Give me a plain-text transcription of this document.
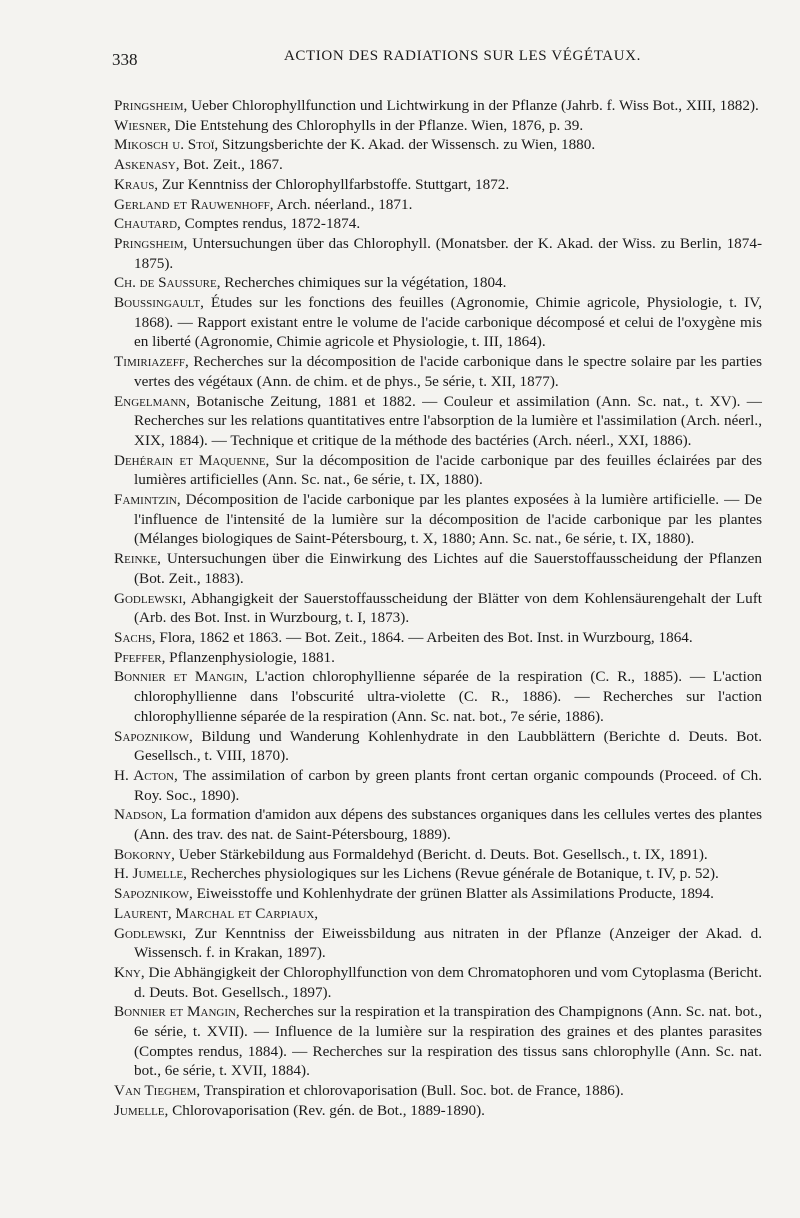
338	ACTION DES RADIATIONS SUR LES VÉGÉTAUX.

Pringsheim, Ueber Chlorophyllfunction und Lichtwirkung in der Pflanze (Jahrb. f. Wiss Bot., XIII, 1882).

Wiesner, Die Entstehung des Chlorophylls in der Pflanze. Wien, 1876, p. 39.

Mikosch u. Stoï, Sitzungsberichte der K. Akad. der Wissensch. zu Wien, 1880.

Askenasy, Bot. Zeit., 1867.

Kraus, Zur Kenntniss der Chlorophyllfarbstoffe. Stuttgart, 1872.

Gerland et Rauwenhoff, Arch. néerland., 1871.

Chautard, Comptes rendus, 1872-1874.

Pringsheim, Untersuchungen über das Chlorophyll. (Monatsber. der K. Akad. der Wiss. zu Berlin, 1874-1875).

Ch. de Saussure, Recherches chimiques sur la végétation, 1804.

Boussingault, Études sur les fonctions des feuilles (Agronomie, Chimie agricole, Physiologie, t. IV, 1868). — Rapport existant entre le volume de l'acide carbonique décomposé et celui de l'oxygène mis en liberté (Agronomie, Chimie agricole et Physiologie, t. III, 1864).

Timiriazeff, Recherches sur la décomposition de l'acide carbonique dans le spectre solaire par les parties vertes des végétaux (Ann. de chim. et de phys., 5e série, t. XII, 1877).

Engelmann, Botanische Zeitung, 1881 et 1882. — Couleur et assimilation (Ann. Sc. nat., t. XV). — Recherches sur les relations quantitatives entre l'absorption de la lumière et l'assimilation (Arch. néerl., XIX, 1884). — Technique et critique de la méthode des bactéries (Arch. néerl., XXI, 1886).

Dehérain et Maquenne, Sur la décomposition de l'acide carbonique par des feuilles éclairées par des lumières artificielles (Ann. Sc. nat., 6e série, t. IX, 1880).

Famintzin, Décomposition de l'acide carbonique par les plantes exposées à la lumière artificielle. — De l'influence de l'intensité de la lumière sur la décomposition de l'acide carbonique par les plantes (Mélanges biologiques de Saint-Pétersbourg, t. X, 1880; Ann. Sc. nat., 6e série, t. IX, 1880).

Reinke, Untersuchungen über die Einwirkung des Lichtes auf die Sauerstoffausscheidung der Pflanzen (Bot. Zeit., 1883).

Godlewski, Abhangigkeit der Sauerstoffausscheidung der Blätter von dem Kohlensäurengehalt der Luft (Arb. des Bot. Inst. in Wurzbourg, t. I, 1873).

Sachs, Flora, 1862 et 1863. — Bot. Zeit., 1864. — Arbeiten des Bot. Inst. in Wurzbourg, 1864.

Pfeffer, Pflanzenphysiologie, 1881.

Bonnier et Mangin, L'action chlorophyllienne séparée de la respiration (C. R., 1885). — L'action chlorophyllienne dans l'obscurité ultra-violette (C. R., 1886). — Recherches sur l'action chlorophyllienne séparée de la respiration (Ann. Sc. nat. bot., 7e série, 1886).

Sapoznikow, Bildung und Wanderung Kohlenhydrate in den Laubblättern (Berichte d. Deuts. Bot. Gesellsch., t. VIII, 1870).

H. Acton, The assimilation of carbon by green plants front certan organic compounds (Proceed. of Ch. Roy. Soc., 1890).

Nadson, La formation d'amidon aux dépens des substances organiques dans les cellules vertes des plantes (Ann. des trav. des nat. de Saint-Pétersbourg, 1889).

Bokorny, Ueber Stärkebildung aus Formaldehyd (Bericht. d. Deuts. Bot. Gesellsch., t. IX, 1891).

H. Jumelle, Recherches physiologiques sur les Lichens (Revue générale de Botanique, t. IV, p. 52).

Sapoznikow, Eiweisstoffe und Kohlenhydrate der grünen Blatter als Assimilations Producte, 1894.

Laurent, Marchal et Carpiaux,

Godlewski, Zur Kenntniss der Eiweissbildung aus nitraten in der Pflanze (Anzeiger der Akad. d. Wissensch. f. in Krakan, 1897).

Kny, Die Abhängigkeit der Chlorophyllfunction von dem Chromatophoren und vom Cytoplasma (Bericht. d. Deuts. Bot. Gesellsch., 1897).

Bonnier et Mangin, Recherches sur la respiration et la transpiration des Champignons (Ann. Sc. nat. bot., 6e série, t. XVII). — Influence de la lumière sur la respiration des graines et des plantes parasites (Comptes rendus, 1884). — Recherches sur la respiration des tissus sans chlorophylle (Ann. Sc. nat. bot., 6e série, t. XVII, 1884).

Van Tieghem, Transpiration et chlorovaporisation (Bull. Soc. bot. de France, 1886).

Jumelle, Chlorovaporisation (Rev. gén. de Bot., 1889-1890).
